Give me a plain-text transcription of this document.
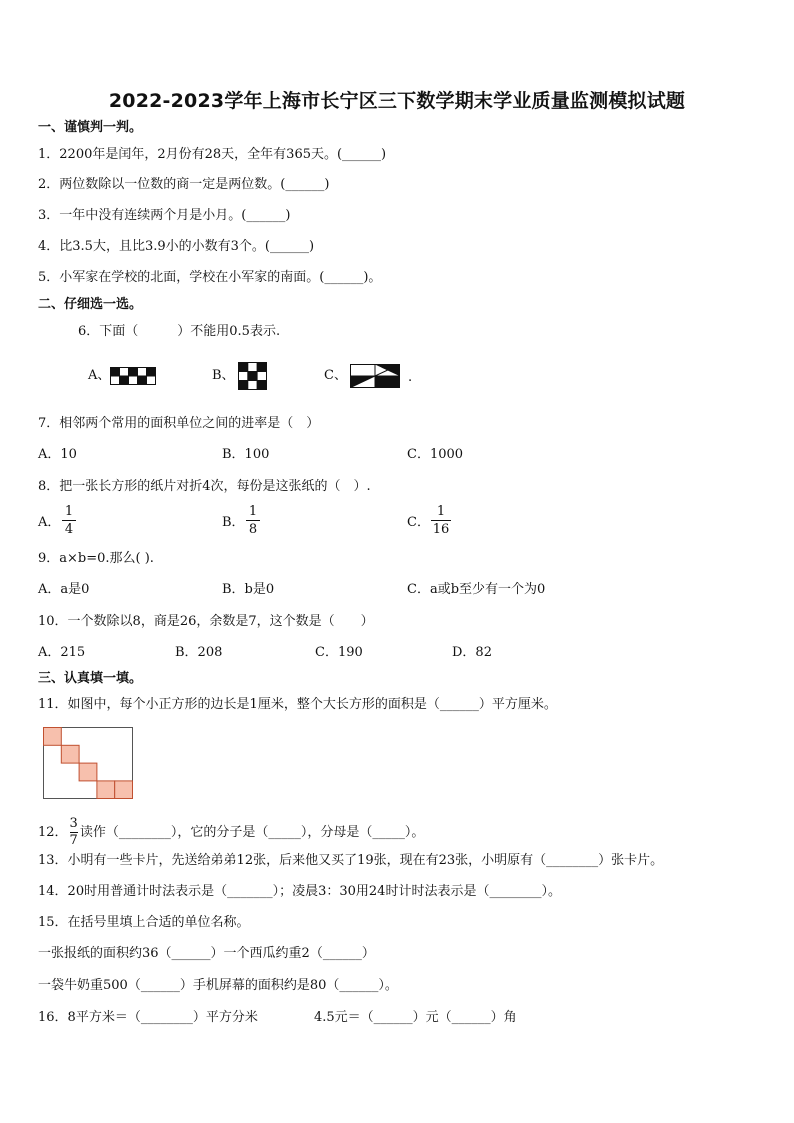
2022-2023学年上海市长宁区三下数学期末学业质量监测模拟试题
一、谨慎判一判。
1．2200年是闰年，2月份有28天，全年有365天。(______)
2．两位数除以一位数的商一定是两位数。(______)
3．一年中没有连续两个月是小月。(______)
4．比3.5大，且比3.9小的小数有3个。(______)
5．小军家在学校的北面，学校在小军家的南面。(______)。
二、仔细选一选。
6．下面（　　　）不能用0.5表示.
A、	B、	C、	.
7．相邻两个常用的面积单位之间的进率是（　）
A．10	B．100	C．1000
8．把一张长方形的纸片对折4次，每份是这张纸的（　）.
A．
1
4	B．
1
8	C．
1
16
9．a×b=0.那么( ).
A．a是0	B．b是0	C．a或b至少有一个为0
10．一个数除以8，商是26，余数是7，这个数是（　　）
A．215	B．208	C．190	D．82
三、认真填一填。
11．如图中，每个小正方形的边长是1厘米，整个大长方形的面积是（______）平方厘米。
12． $\frac{3}{7}$ 读作（________），它的分子是（_____），分母是（_____）。
13．小明有一些卡片，先送给弟弟12张，后来他又买了19张，现在有23张，小明原有（________）张卡片。
14．20时用普通计时法表示是（_______）；凌晨3：30用24时计时法表示是（________）。
15．在括号里填上合适的单位名称。
一张报纸的面积约36（______）一个西瓜约重2（______）
一袋牛奶重500（______）手机屏幕的面积约是80（______）。
16．8平方米＝（________）平方分米	4.5元＝（______）元（______）角
